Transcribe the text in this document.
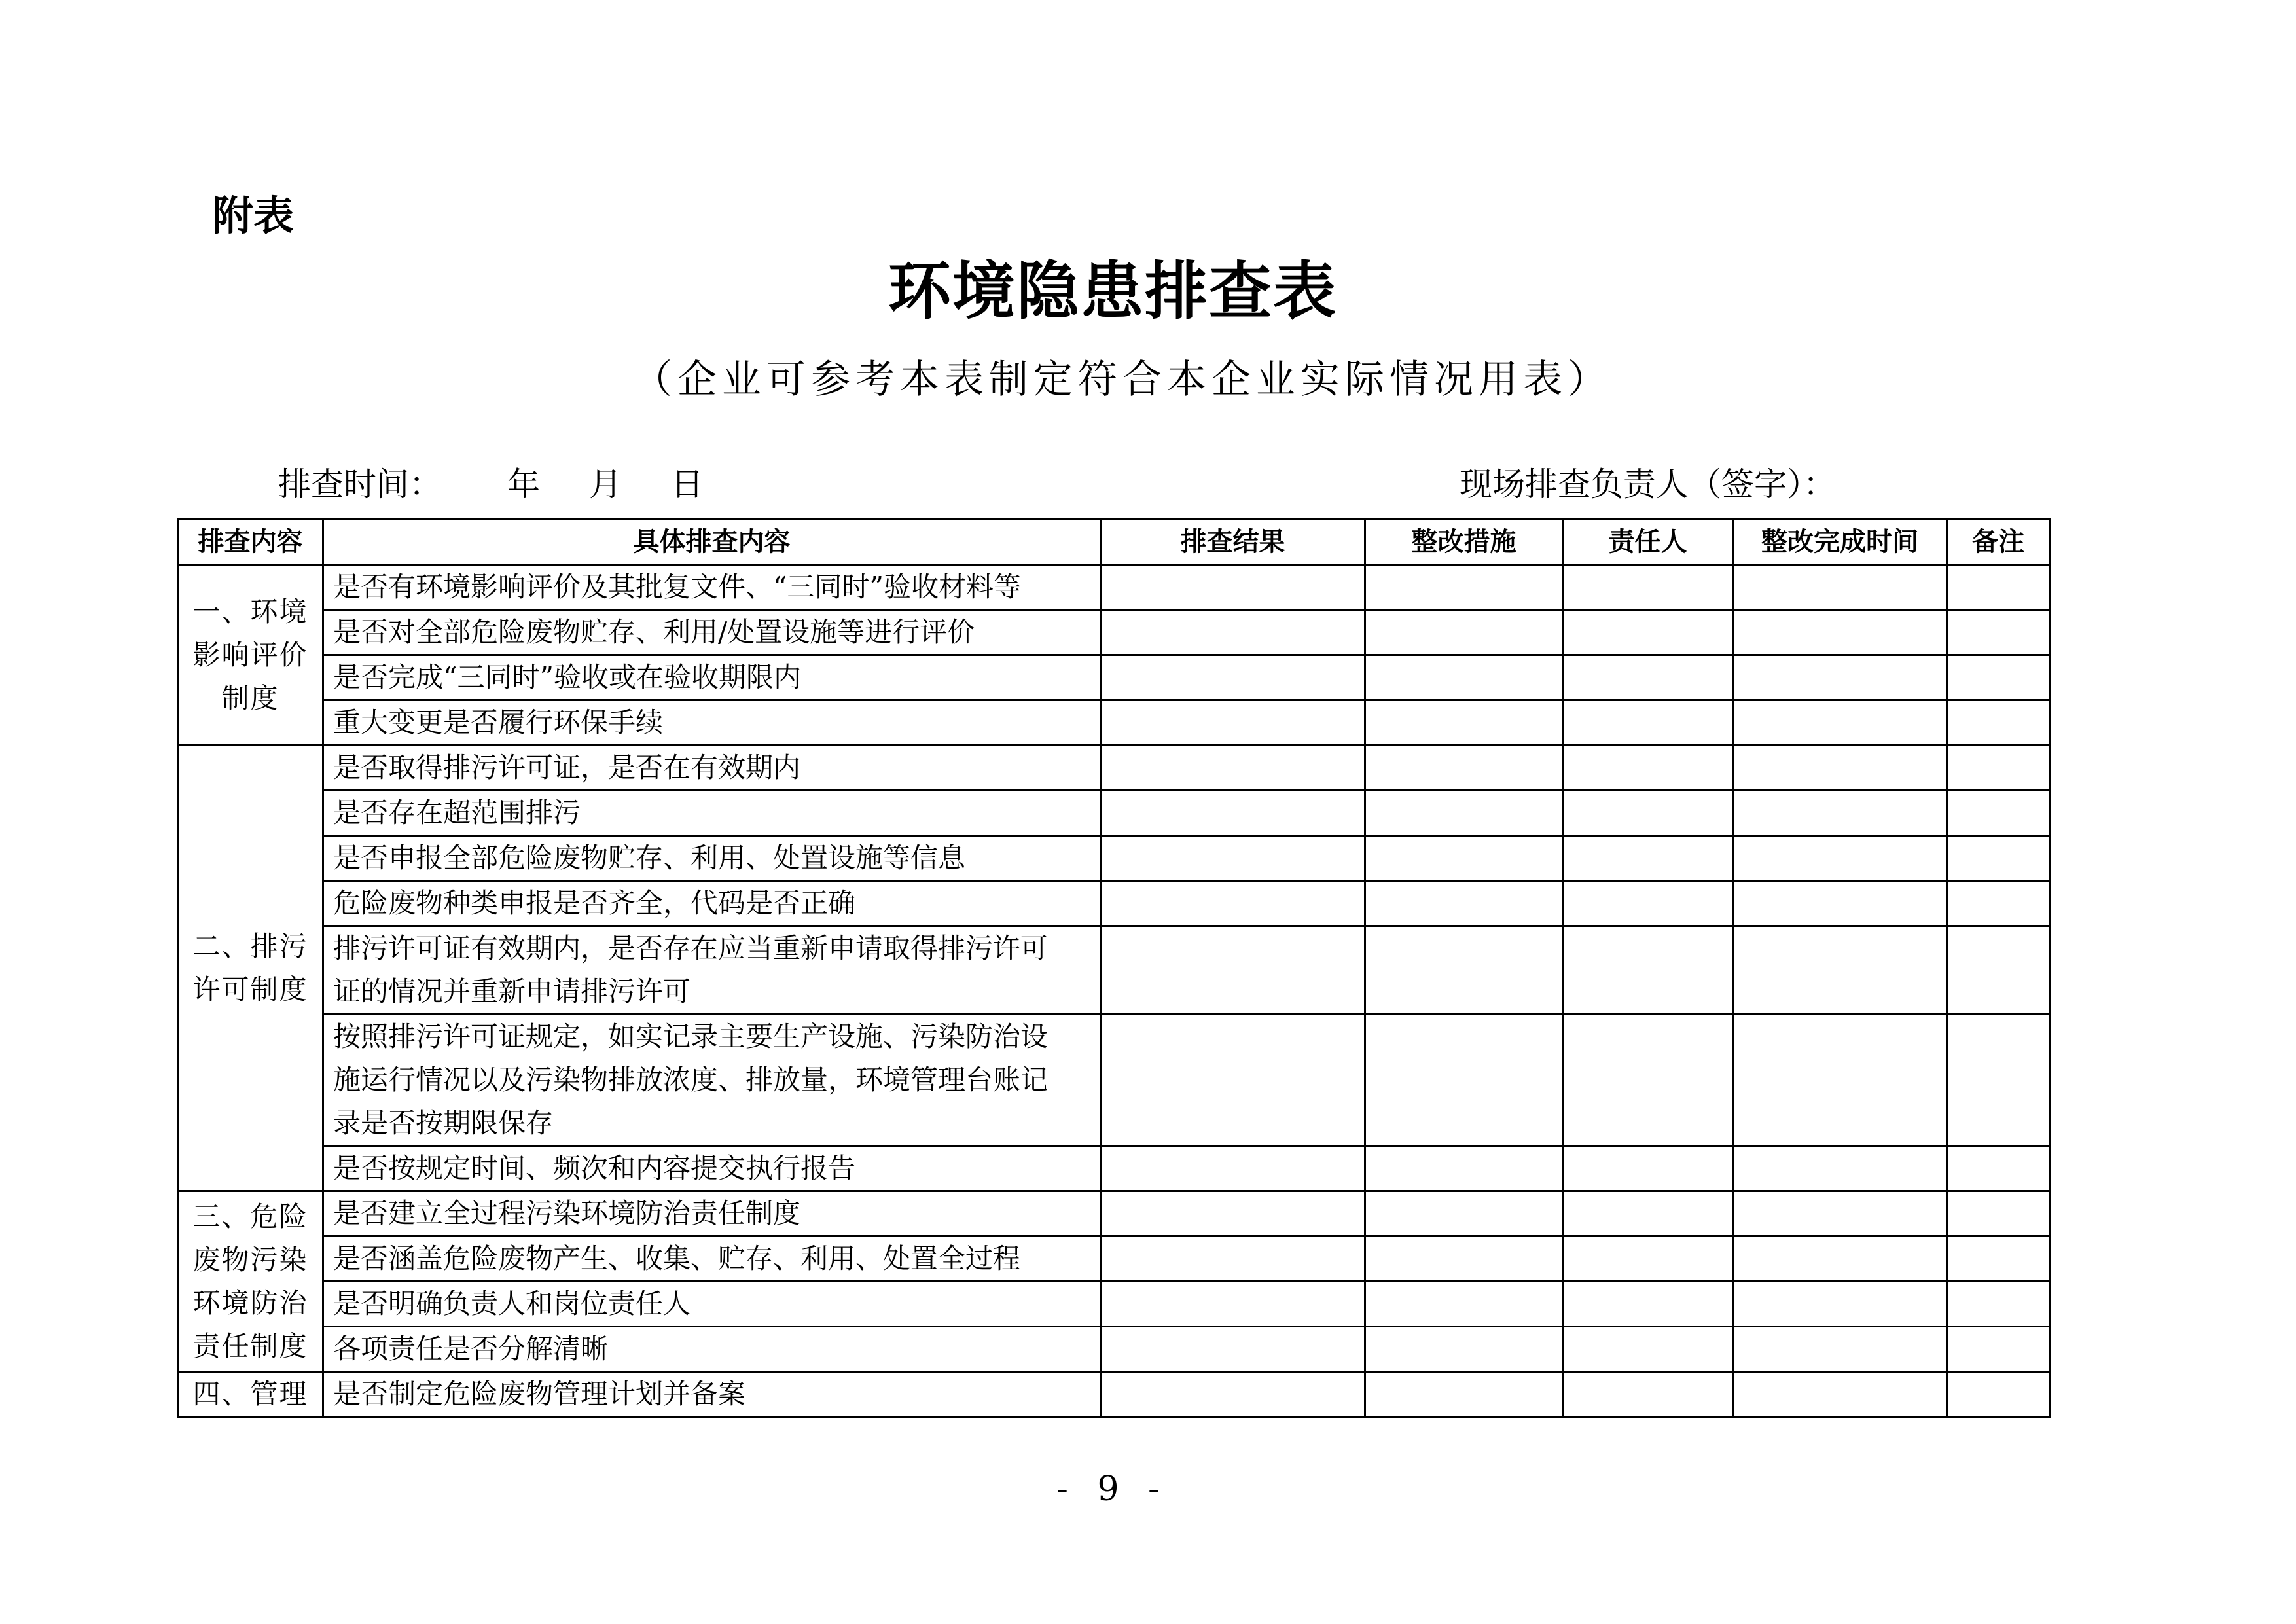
附表
环境隐患排查表
（企业可参考本表制定符合本企业实际情况用表）
排查时间： 年 月 日	现场排查负责人（签字）：
排查内容	具体排查内容	排查结果	整改措施	责任人	整改完成时间	备注

一、环境
影响评价
制度	是否有环境影响评价及其批复文件、“三同时”验收材料等					

	是否对全部危险废物贮存、利用/处置设施等进行评价					

	是否完成“三同时”验收或在验收期限内					

	重大变更是否履行环保手续					

二、排污
许可制度	是否取得排污许可证，是否在有效期内					

	是否存在超范围排污					

	是否申报全部危险废物贮存、利用、处置设施等信息					

	危险废物种类申报是否齐全，代码是否正确					

	排污许可证有效期内，是否存在应当重新申请取得排污许可
证的情况并重新申请排污许可					

	按照排污许可证规定，如实记录主要生产设施、污染防治设
施运行情况以及污染物排放浓度、排放量，环境管理台账记
录是否按期限保存					

	是否按规定时间、频次和内容提交执行报告					

三、危险
废物污染
环境防治
责任制度	是否建立全过程污染环境防治责任制度					

	是否涵盖危险废物产生、收集、贮存、利用、处置全过程					

	是否明确负责人和岗位责任人					

	各项责任是否分解清晰					

四、管理	是否制定危险废物管理计划并备案					

- 9 -
